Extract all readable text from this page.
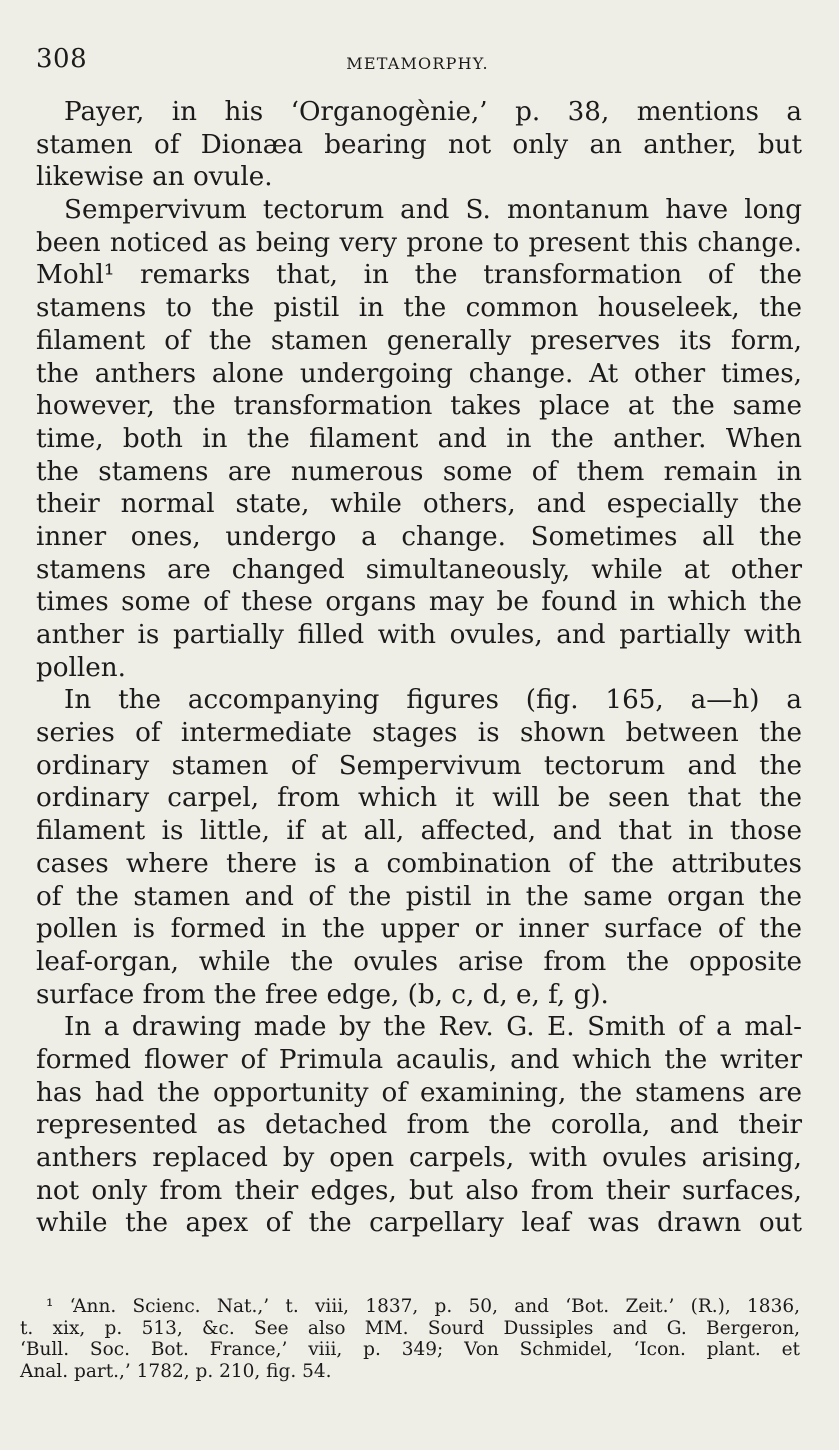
308	METAMORPHY.
Payer, in his ‘Organogènie,’ p. 38, mentions a
stamen of Dionæa bearing not only an anther, but
likewise an ovule.
Sempervivum tectorum and S. montanum have long
been noticed as being very prone to present this change.
Mohl¹ remarks that, in the transformation of the
stamens to the pistil in the common houseleek, the
filament of the stamen generally preserves its form,
the anthers alone undergoing change. At other times,
however, the transformation takes place at the same
time, both in the filament and in the anther. When
the stamens are numerous some of them remain in
their normal state, while others, and especially the
inner ones, undergo a change. Sometimes all the
stamens are changed simultaneously, while at other
times some of these organs may be found in which the
anther is partially filled with ovules, and partially with
pollen.
In the accompanying figures (fig. 165, a—h) a
series of intermediate stages is shown between the
ordinary stamen of Sempervivum tectorum and the
ordinary carpel, from which it will be seen that the
filament is little, if at all, affected, and that in those
cases where there is a combination of the attributes
of the stamen and of the pistil in the same organ the
pollen is formed in the upper or inner surface of the
leaf-organ, while the ovules arise from the opposite
surface from the free edge, (b, c, d, e, f, g).
In a drawing made by the Rev. G. E. Smith of a mal-
formed flower of Primula acaulis, and which the writer
has had the opportunity of examining, the stamens are
represented as detached from the corolla, and their
anthers replaced by open carpels, with ovules arising,
not only from their edges, but also from their surfaces,
while the apex of the carpellary leaf was drawn out
¹ ‘Ann. Scienc. Nat.,’ t. viii, 1837, p. 50, and ‘Bot. Zeit.’ (R.), 1836,
t. xix, p. 513, &c. See also MM. Sourd Dussiples and G. Bergeron,
‘Bull. Soc. Bot. France,’ viii, p. 349; Von Schmidel, ‘Icon. plant. et
Anal. part.,’ 1782, p. 210, fig. 54.
